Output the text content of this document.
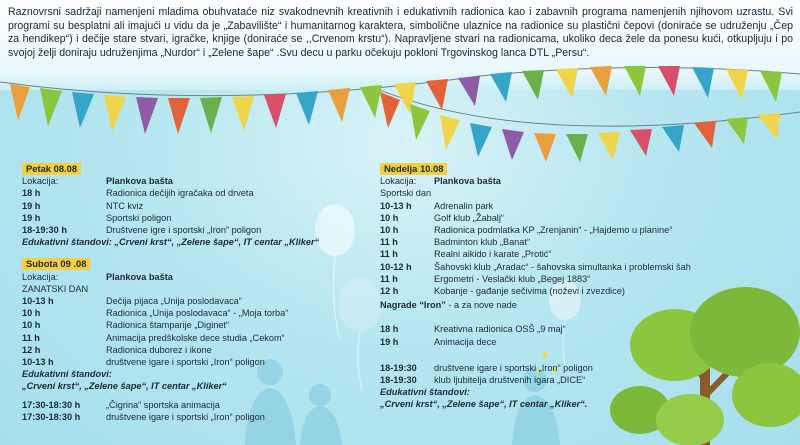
Raznovrsni sadržaji namenjeni mladima obuhvataće niz svakodnevnih kreativnih i edukativnih radionica kao i zabavnih programa namenjenih njihovom uzrastu. Svi programi su besplatni ali imajući u vidu da je „Zabavilište“ i humanitarnog karaktera, simbolične ulaznice na radionice su plastični čepovi (doniraće se udruženju „Čep za hendikep“) i dečije stare stvari, igračke, knjige (doniraće se ,,Crvenom krstu“). Napravljene stvari na radionicama, ukoliko deca žele da ponesu kući, otkupljuju i po svojoj želji doniraju udruženjima „Nurdor“ i „Zelene šape“ .Svu decu u parku očekuju pokloni Trgovinskog lanca DTL „Persu“.

Petak 08.08
Lokacija:	Plankova bašta
18 h	Radionica dečijih igračaka od drveta
19 h	NTC kviz
19 h	Sportski poligon
18-19:30 h	Društvene igre i sportski „Iron” poligon
Edukativni štandovi: „Crveni krst“, „Zelene šape“, IT centar „Kliker“
Subota 09 .08
Lokacija:	Plankova bašta
ZANATSKI DAN
10-13 h	Dečija pijaca „Unija poslodavaca“
10 h	Radionica „Unija poslodavaca“ - „Moja torba“
10 h	Radionica štamparije „Diginet“
11 h	Animacija predškolske dece studia „Cekom“
12 h	Radionica duborez i ikone
10-13 h	društvene igare i sportski „Iron“ poligon
Edukativni štandovi:
„Crveni krst“, „Zelene šape“, IT centar „Kliker“
17:30-18:30 h	„Čigrina“ sportska animacija
17:30-18:30 h	društvene igare i sportski „Iron“ poligon
Nedelja 10.08
Lokacija:	Plankova bašta
Sportski dan
10-13 h	Adrenalin park
10 h	Golf klub „Žabalj“
10 h	Radionica podmlatka KP „Zrenjanin“ - „Hajdemo u planine“
11 h	Badminton klub „Banat“
11 h	Realni aikido i karate „Protić“
10-12 h	Šahovski klub „Aradac“ - šahovska simultanka i problemski šah
11 h	Ergometri - Veslački klub „Begej 1883“
12 h	Kobanje - gađanje sečivima (noževi i zvezdice)
Nagrade “Iron” - a za nove nade
18 h	Kreativna radionica OSŠ „9 maj“
19 h	Animacija dece
18-19:30	društvene igare i sportski „Iron“ poligon
18-19:30	klub ljubitelja društvenih igara „DICE“
Edukativni štandovi:
„Crveni krst“, „Zelene šape“, IT centar „Kliker“.
